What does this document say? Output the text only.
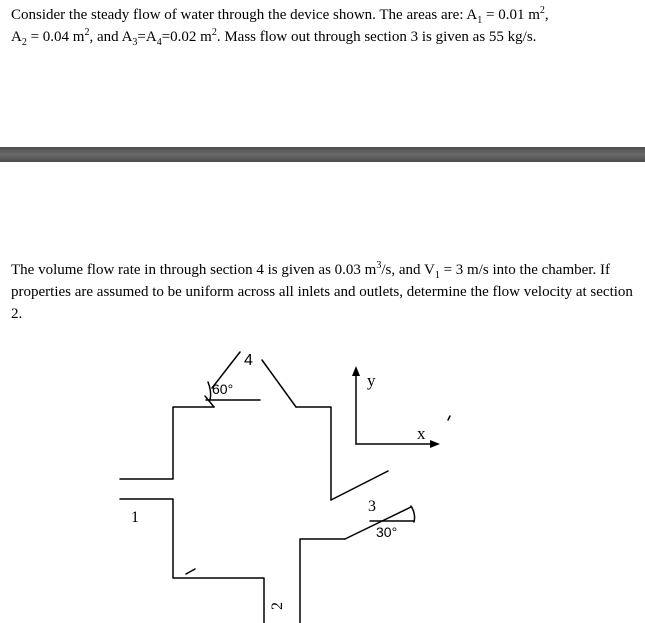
Consider the steady flow of water through the device shown. The areas are: $A_1 = 0.01$ $m^2$,
$A_2 = 0.04$ $m^2$, and $A_3=A_4=0.02$ $m^2$. Mass flow out through section 3 is given as 55 kg/s.

The volume flow rate in through section 4 is given as 0.03 $m^3/s$, and $V_1 = 3$ m/s into the chamber. If properties are assumed to be uniform across all inlets and outlets, determine the flow velocity at section 2.

1
2
3
4
60°
30°
y
x
